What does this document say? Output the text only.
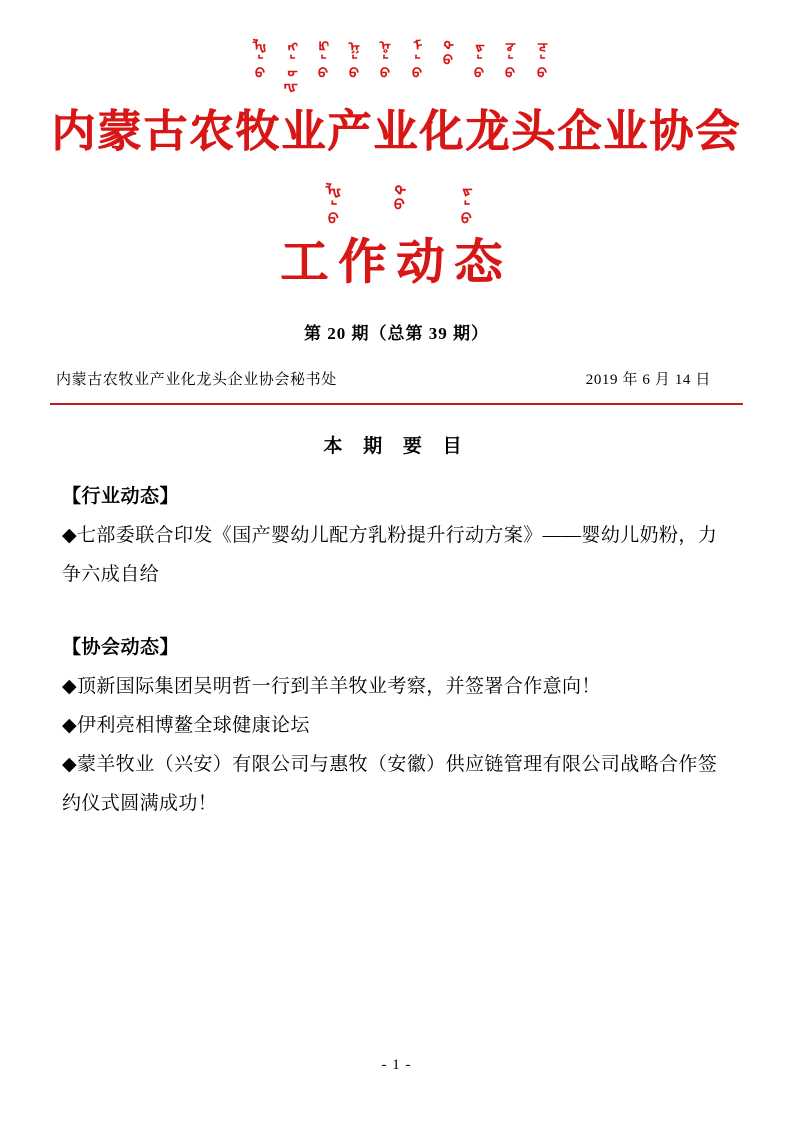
ᡀᡃᡉ ᡊᡃᡉᡙ ᡌᡃᡉ ᡍᡃᡉ ᡎᡃᡉ ᡏᡃᡉ ᡐᡉ ᡑᡃᡉ ᡒᡃᡉ ᡓᡃᡉ
内蒙古农牧业产业化龙头企业协会
ᡀᡃᡉ	ᡐᡉ	ᡑᡃᡉ
工作动态
第 20 期（总第 39 期）
内蒙古农牧业产业化龙头企业协会秘书处	2019 年 6 月 14 日
本 期 要 目
【行业动态】
◆七部委联合印发《国产婴幼儿配方乳粉提升行动方案》——婴幼儿奶粉，力争六成自给
【协会动态】
◆顶新国际集团吴明哲一行到羊羊牧业考察，并签署合作意向！
◆伊利亮相博鳌全球健康论坛
◆蒙羊牧业（兴安）有限公司与惠牧（安徽）供应链管理有限公司战略合作签约仪式圆满成功！
- 1 -
